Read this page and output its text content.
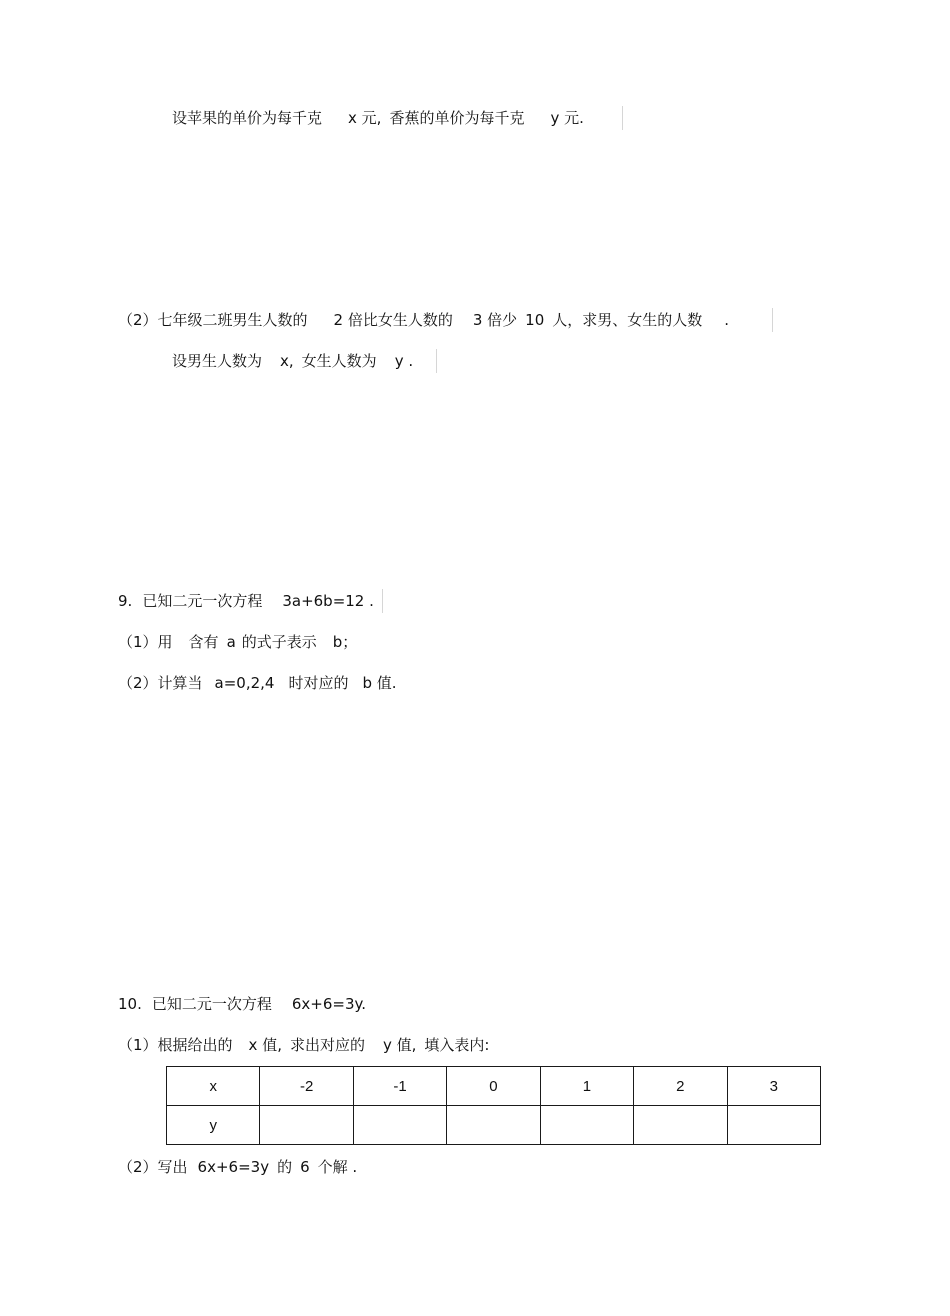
设苹果的单价为每千克 x 元, 香蕉的单价为每千克 y 元.
（2）七年级二班男生人数的 2 倍比女生人数的 3 倍少 10 人，求男、女生的人数 .
设男生人数为 x, 女生人数为 y .
9. 已知二元一次方程 3a+6b=12 .
（1）用 含有 a 的式子表示 b；
（2）计算当 a=0,2,4 时对应的 b 值.
10. 已知二元一次方程 6x+6=3y.
（1）根据给出的 x 值, 求出对应的 y 值, 填入表内:
x	-2	-1	0	1	2	3
y						
（2）写出 6x+6=3y 的 6 个解 .
